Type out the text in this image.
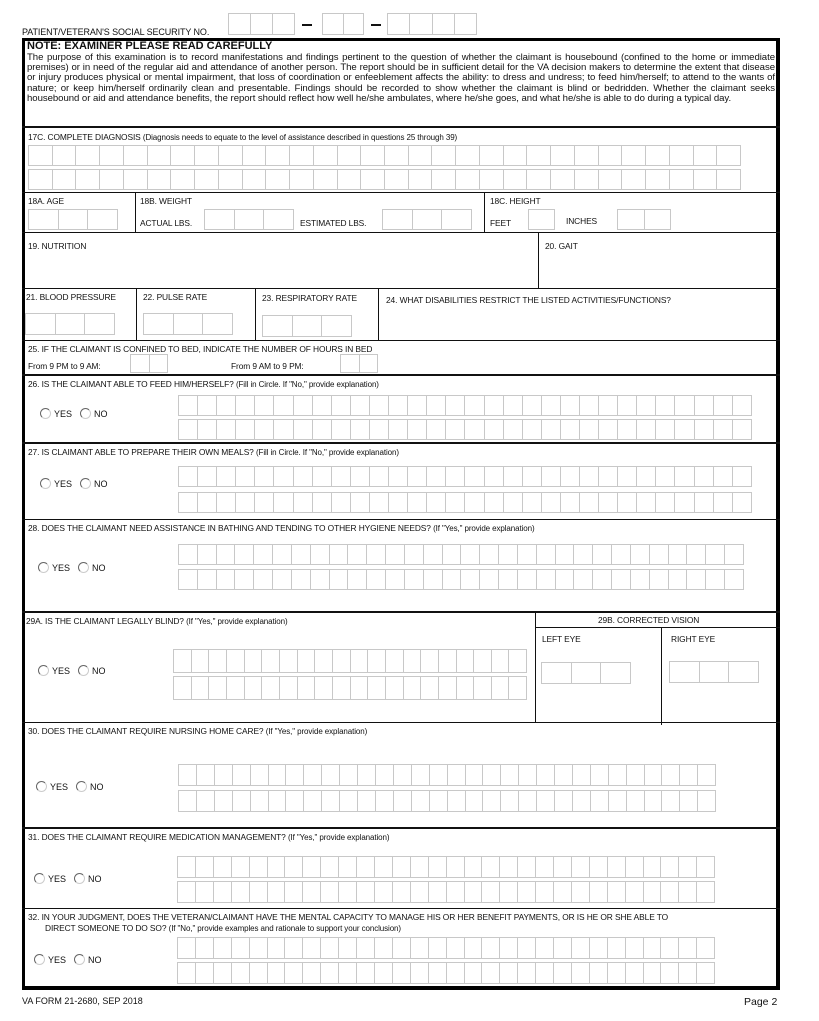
PATIENT/VETERAN'S SOCIAL SECURITY NO.
NOTE: EXAMINER PLEASE READ CAREFULLY
The purpose of this examination is to record manifestations and findings pertinent to the question of whether the claimant is housebound (confined to the home or immediate premises) or in need of the regular aid and attendance of another person. The report should be in sufficient detail for the VA decision makers to determine the extent that disease or injury produces physical or mental impairment, that loss of coordination or enfeeblement affects the ability: to dress and undress; to feed him/herself; to attend to the wants of nature; or keep him/herself ordinarily clean and presentable. Findings should be recorded to show whether the claimant is blind or bedridden. Whether the claimant seeks housebound or aid and attendance benefits, the report should reflect how well he/she ambulates, where he/she goes, and what he/she is able to do during a typical day.
17C. COMPLETE DIAGNOSIS (Diagnosis needs to equate to the level of assistance described in questions 25 through 39)
18A. AGE	18B. WEIGHT
ACTUAL LBS.	ESTIMATED LBS.
18C. HEIGHT
FEET	INCHES
19. NUTRITION	20. GAIT
21. BLOOD PRESSURE	22. PULSE RATE	23. RESPIRATORY RATE	24. WHAT DISABILITIES RESTRICT THE LISTED ACTIVITIES/FUNCTIONS?
25. IF THE CLAIMANT IS CONFINED TO BED, INDICATE THE NUMBER OF HOURS IN BED
From 9 PM to 9 AM:	From 9 AM to 9 PM:
26. IS THE CLAIMANT ABLE TO FEED HIM/HERSELF? (Fill in Circle. If "No," provide explanation)
YES NO
27. IS CLAIMANT ABLE TO PREPARE THEIR OWN MEALS? (Fill in Circle. If "No," provide explanation)
YES NO
28. DOES THE CLAIMANT NEED ASSISTANCE IN BATHING AND TENDING TO OTHER HYGIENE NEEDS? (If "Yes," provide explanation)
YES NO
29A. IS THE CLAIMANT LEGALLY BLIND? (If "Yes," provide explanation)
YES NO
29B. CORRECTED VISION
LEFT EYE	RIGHT EYE
30. DOES THE CLAIMANT REQUIRE NURSING HOME CARE? (If "Yes," provide explanation)
YES NO
31. DOES THE CLAIMANT REQUIRE MEDICATION MANAGEMENT? (If "Yes," provide explanation)
YES NO
32. IN YOUR JUDGMENT, DOES THE VETERAN/CLAIMANT HAVE THE MENTAL CAPACITY TO MANAGE HIS OR HER BENEFIT PAYMENTS, OR IS HE OR SHE ABLE TO
DIRECT SOMEONE TO DO SO? (If "No," provide examples and rationale to support your conclusion)
YES NO
VA FORM 21-2680, SEP 2018	Page 2
